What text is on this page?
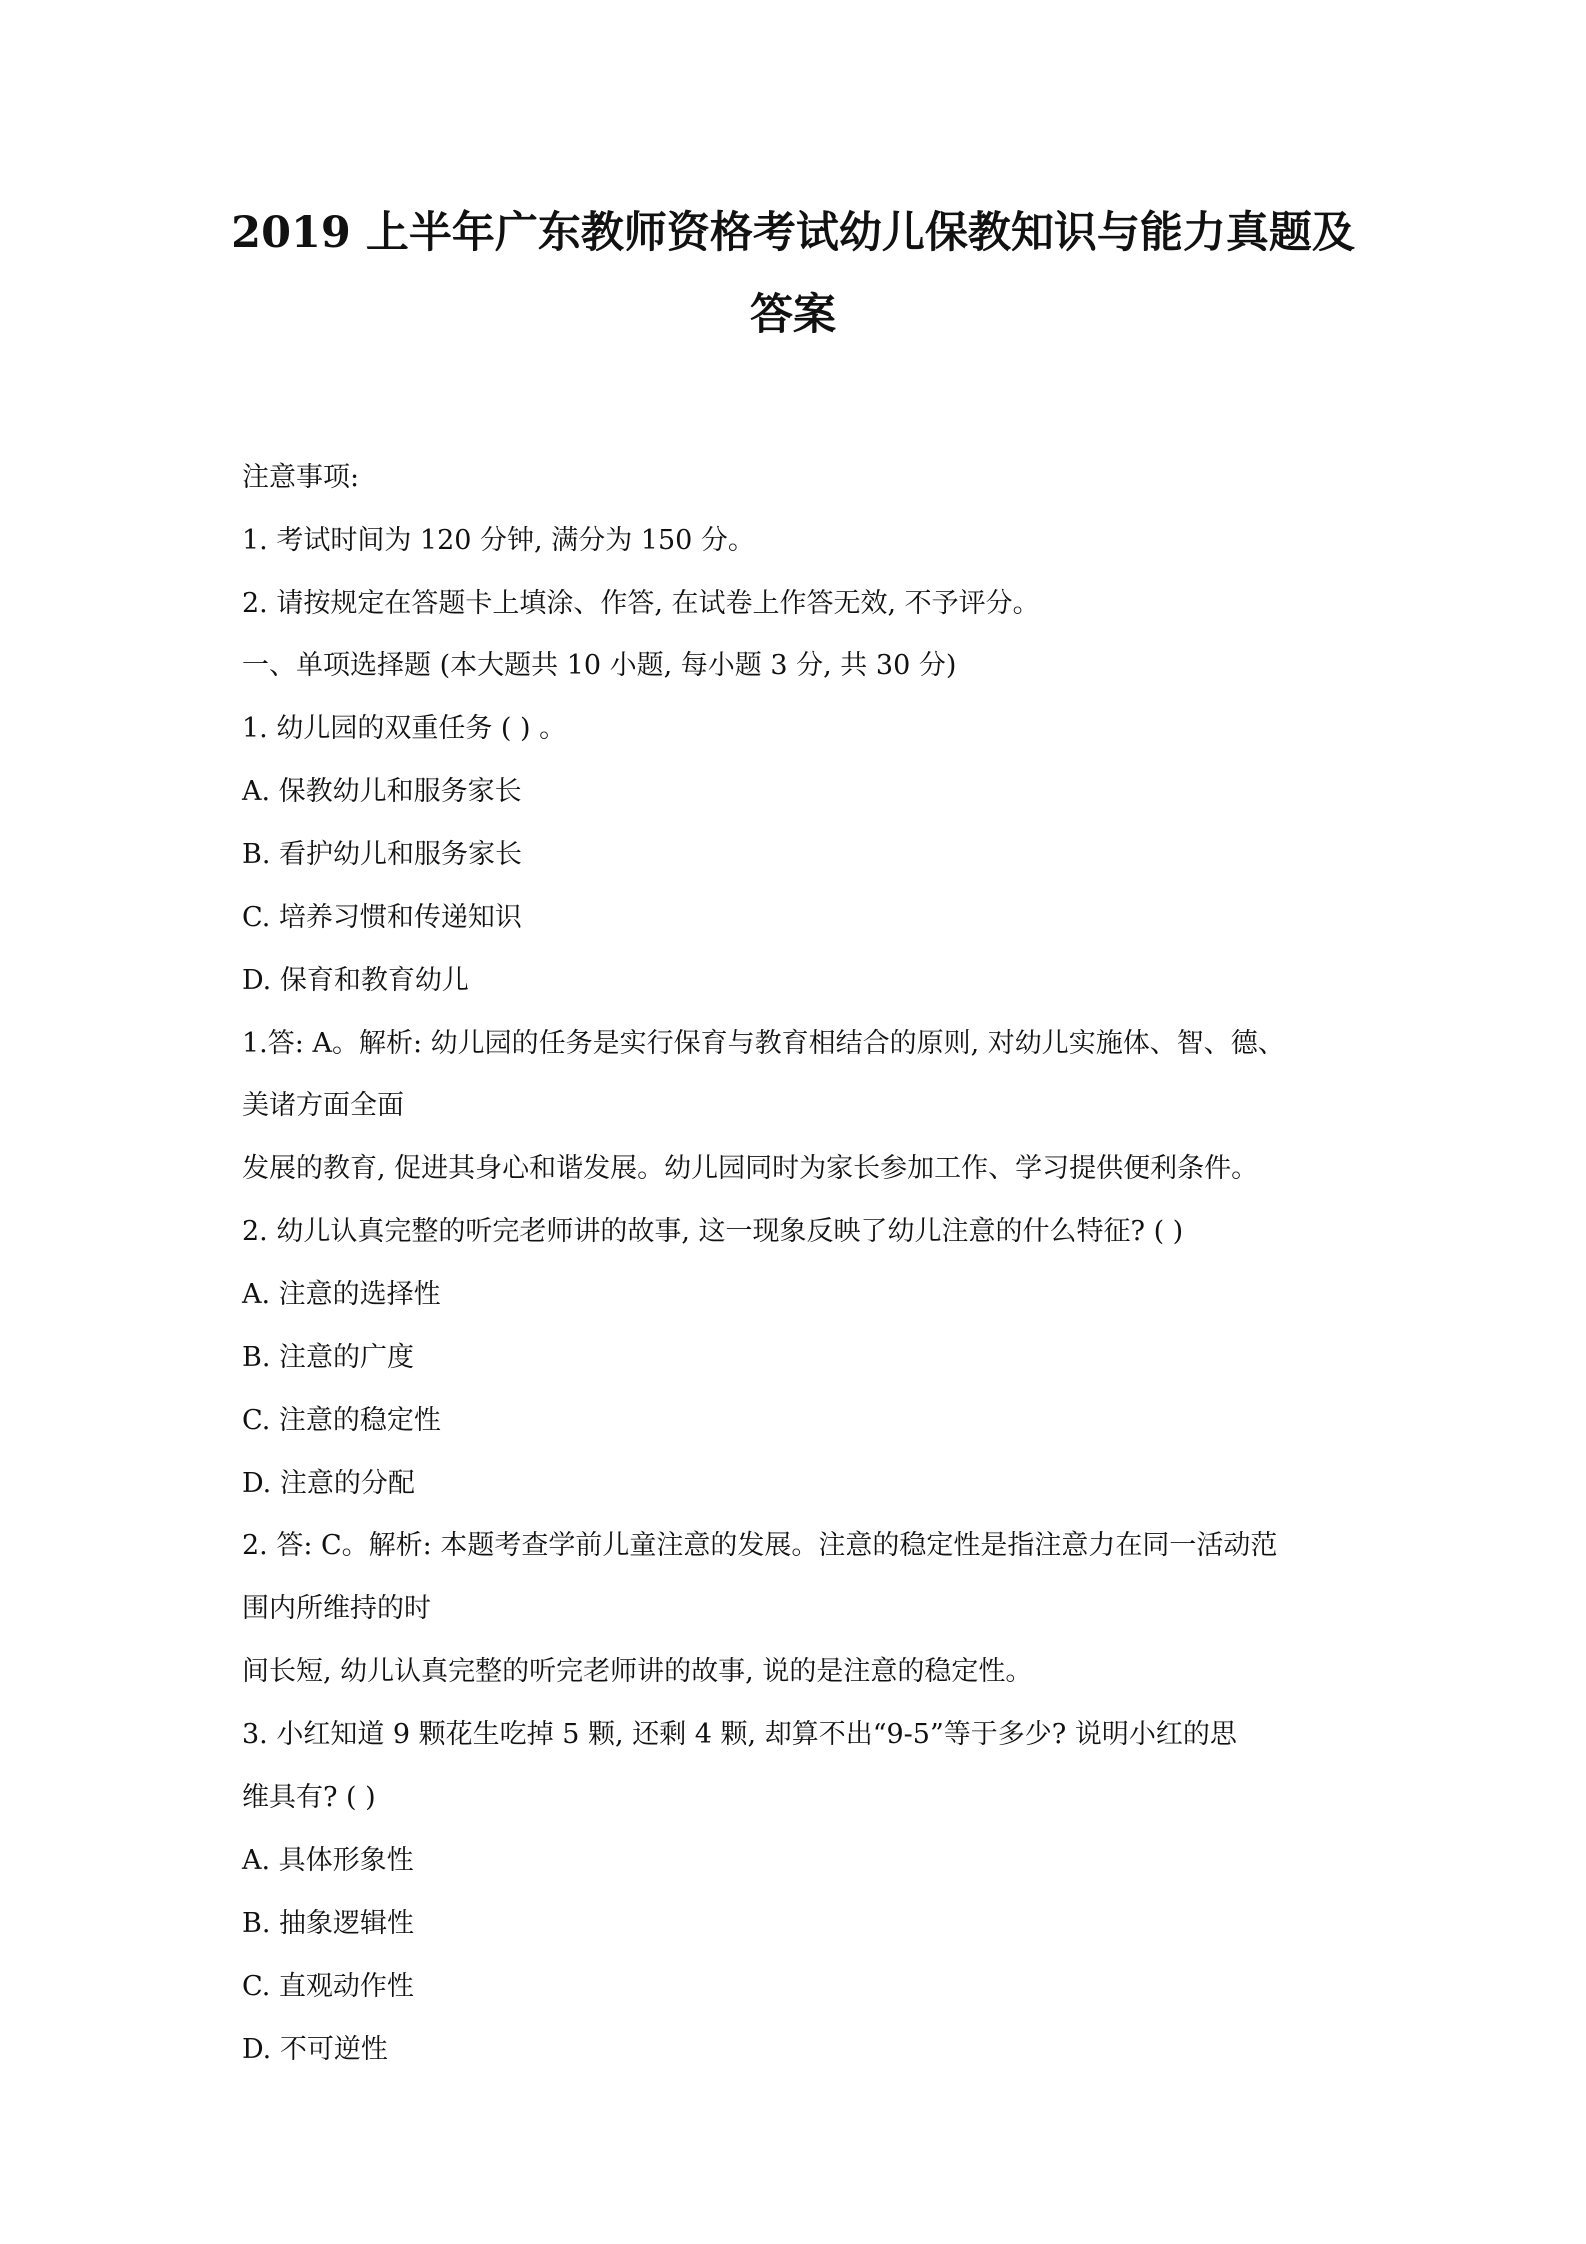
2019 上半年广东教师资格考试幼儿保教知识与能力真题及
答案
注意事项:
1. 考试时间为 120 分钟, 满分为 150 分。
2. 请按规定在答题卡上填涂、作答, 在试卷上作答无效, 不予评分。
一、单项选择题 (本大题共 10 小题, 每小题 3 分, 共 30 分)
1. 幼儿园的双重任务 ( ) 。
A. 保教幼儿和服务家长
B. 看护幼儿和服务家长
C. 培养习惯和传递知识
D. 保育和教育幼儿
1.答: A。解析: 幼儿园的任务是实行保育与教育相结合的原则, 对幼儿实施体、智、德、
美诸方面全面
发展的教育, 促进其身心和谐发展。幼儿园同时为家长参加工作、学习提供便利条件。
2. 幼儿认真完整的听完老师讲的故事, 这一现象反映了幼儿注意的什么特征? ( )
A. 注意的选择性
B. 注意的广度
C. 注意的稳定性
D. 注意的分配
2. 答: C。解析: 本题考查学前儿童注意的发展。注意的稳定性是指注意力在同一活动范
围内所维持的时
间长短, 幼儿认真完整的听完老师讲的故事, 说的是注意的稳定性。
3. 小红知道 9 颗花生吃掉 5 颗, 还剩 4 颗, 却算不出“9-5”等于多少? 说明小红的思
维具有? ( )
A. 具体形象性
B. 抽象逻辑性
C. 直观动作性
D. 不可逆性
